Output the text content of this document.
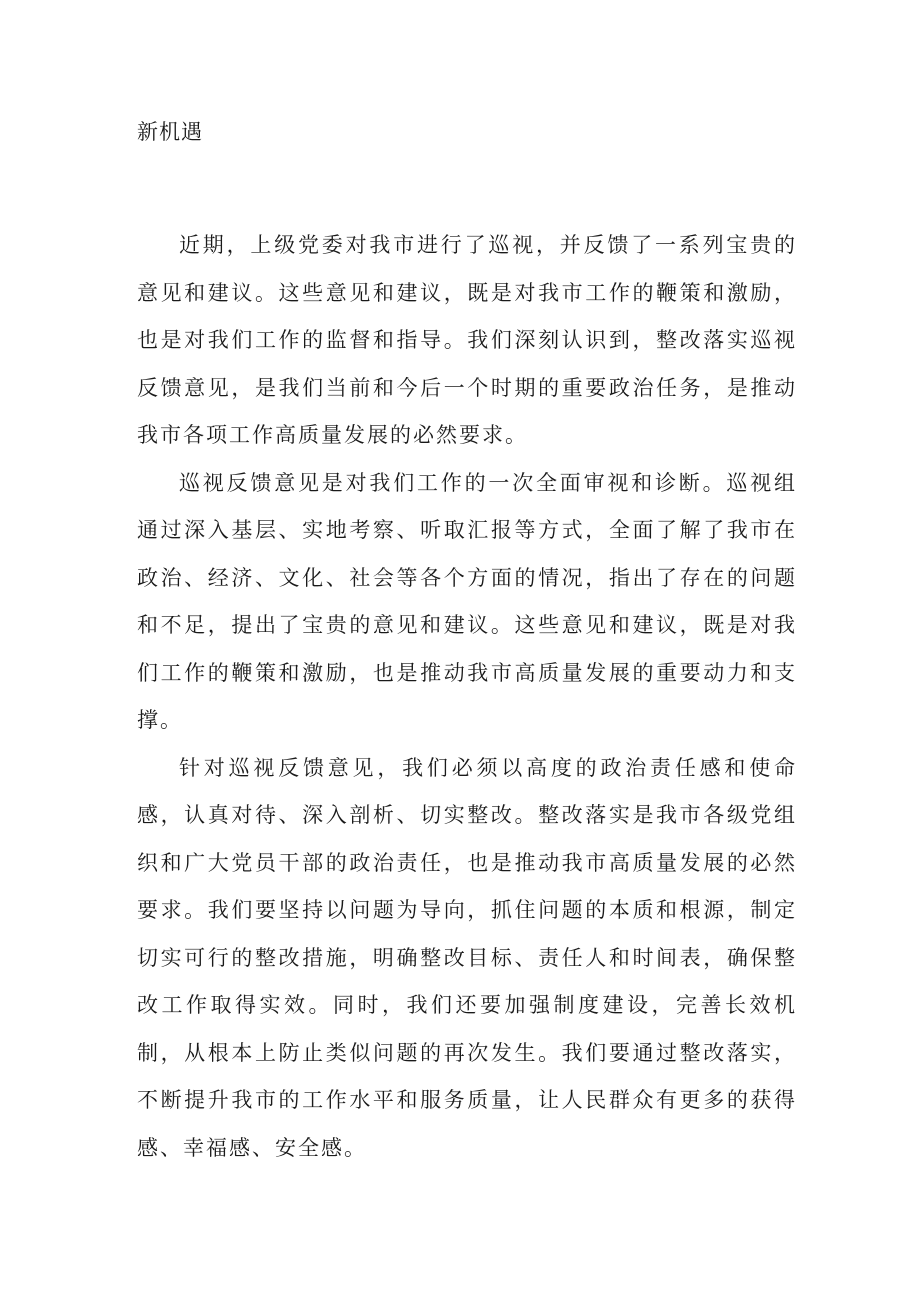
新机遇

近期，上级党委对我市进行了巡视，并反馈了一系列宝贵的意见和建议。这些意见和建议，既是对我市工作的鞭策和激励，也是对我们工作的监督和指导。我们深刻认识到，整改落实巡视反馈意见，是我们当前和今后一个时期的重要政治任务，是推动我市各项工作高质量发展的必然要求。

巡视反馈意见是对我们工作的一次全面审视和诊断。巡视组通过深入基层、实地考察、听取汇报等方式，全面了解了我市在政治、经济、文化、社会等各个方面的情况，指出了存在的问题和不足，提出了宝贵的意见和建议。这些意见和建议，既是对我们工作的鞭策和激励，也是推动我市高质量发展的重要动力和支撑。

针对巡视反馈意见，我们必须以高度的政治责任感和使命感，认真对待、深入剖析、切实整改。整改落实是我市各级党组织和广大党员干部的政治责任，也是推动我市高质量发展的必然要求。我们要坚持以问题为导向，抓住问题的本质和根源，制定切实可行的整改措施，明确整改目标、责任人和时间表，确保整改工作取得实效。同时，我们还要加强制度建设，完善长效机制，从根本上防止类似问题的再次发生。我们要通过整改落实，不断提升我市的工作水平和服务质量，让人民群众有更多的获得感、幸福感、安全感。
